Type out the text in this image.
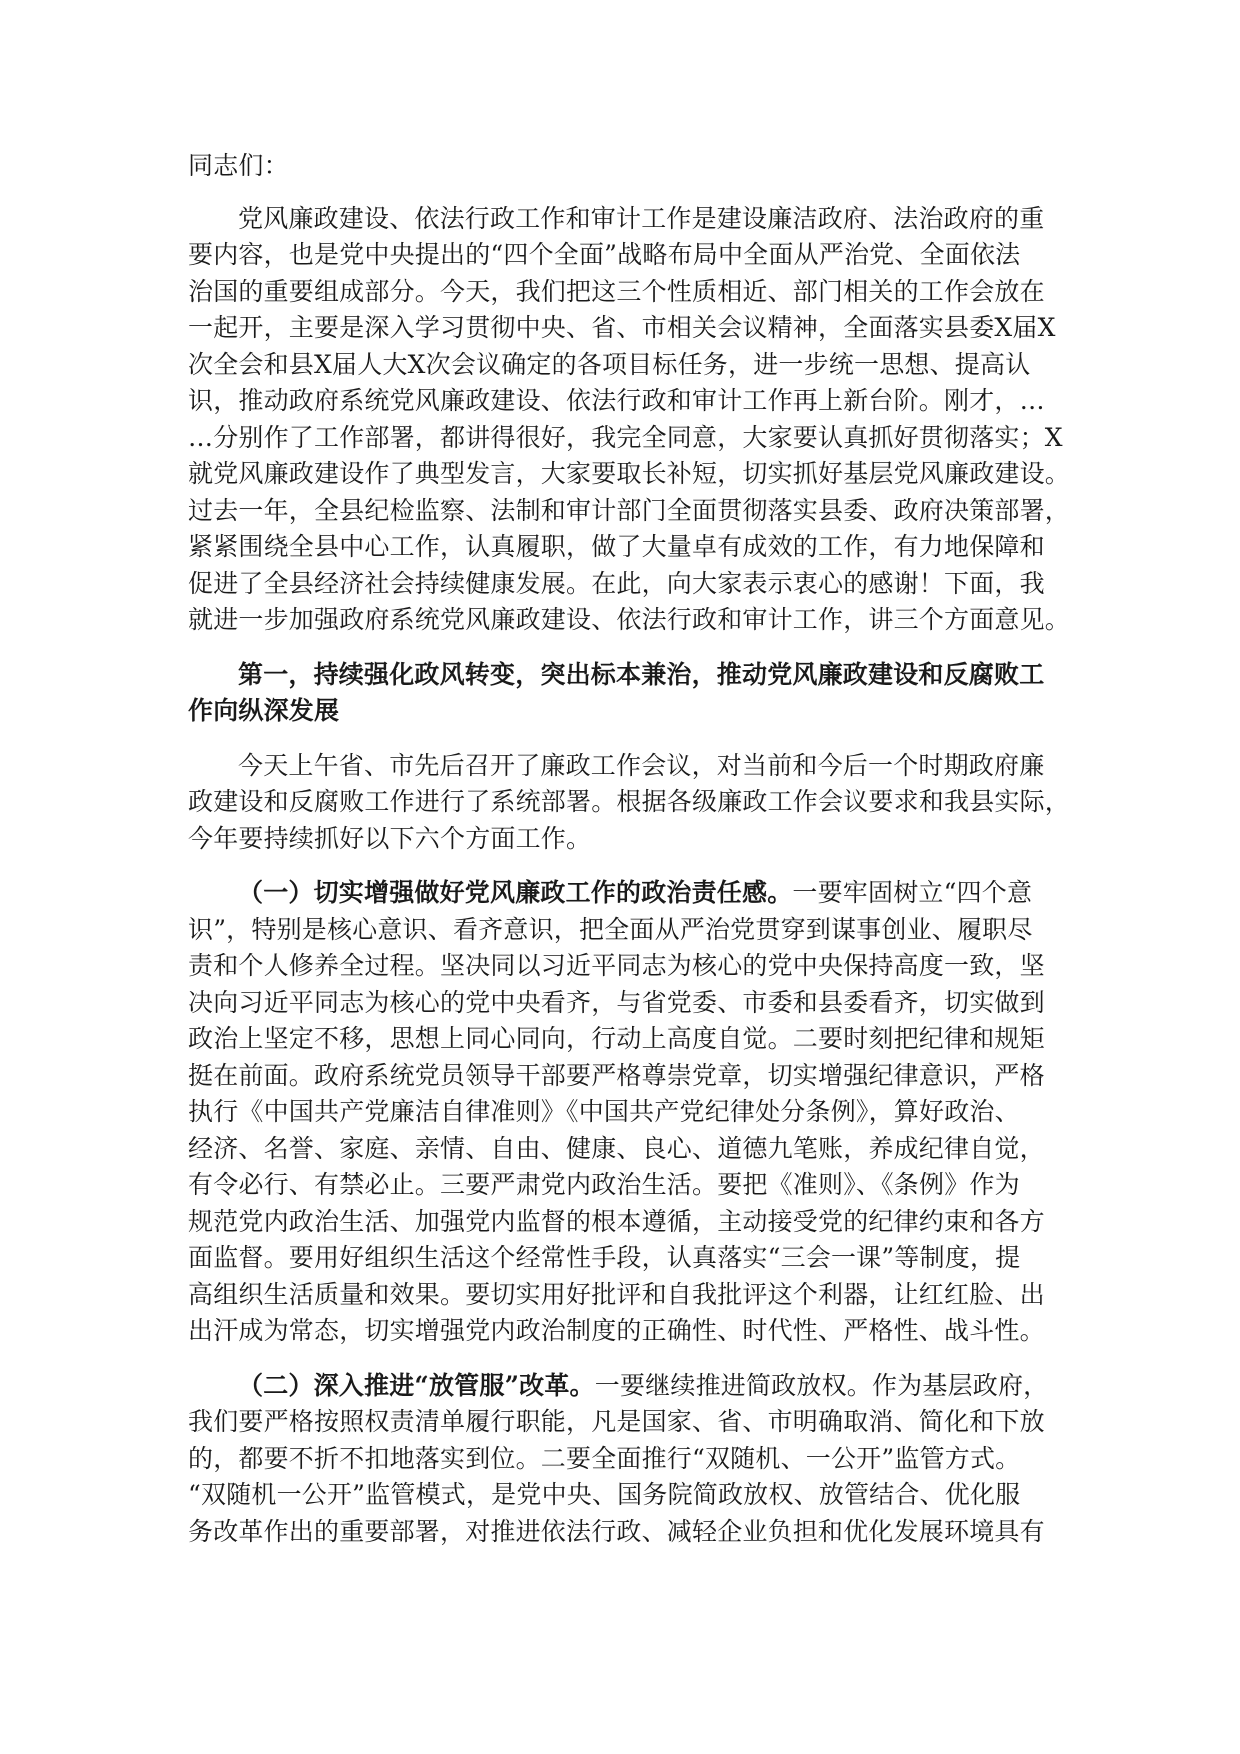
同志们：
党风廉政建设、依法行政工作和审计工作是建设廉洁政府、法治政府的重
要内容，也是党中央提出的“四个全面”战略布局中全面从严治党、全面依法
治国的重要组成部分。今天，我们把这三个性质相近、部门相关的工作会放在
一起开，主要是深入学习贯彻中央、省、市相关会议精神，全面落实县委X届X
次全会和县X届人大X次会议确定的各项目标任务，进一步统一思想、提高认
识，推动政府系统党风廉政建设、依法行政和审计工作再上新台阶。刚才，…
…分别作了工作部署，都讲得很好，我完全同意，大家要认真抓好贯彻落实；X
就党风廉政建设作了典型发言，大家要取长补短，切实抓好基层党风廉政建设。
过去一年，全县纪检监察、法制和审计部门全面贯彻落实县委、政府决策部署，
紧紧围绕全县中心工作，认真履职，做了大量卓有成效的工作，有力地保障和
促进了全县经济社会持续健康发展。在此，向大家表示衷心的感谢！下面，我
就进一步加强政府系统党风廉政建设、依法行政和审计工作，讲三个方面意见。
第一，持续强化政风转变，突出标本兼治，推动党风廉政建设和反腐败工
作向纵深发展
今天上午省、市先后召开了廉政工作会议，对当前和今后一个时期政府廉
政建设和反腐败工作进行了系统部署。根据各级廉政工作会议要求和我县实际，
今年要持续抓好以下六个方面工作。
（一）切实增强做好党风廉政工作的政治责任感。一要牢固树立“四个意
识”，特别是核心意识、看齐意识，把全面从严治党贯穿到谋事创业、履职尽
责和个人修养全过程。坚决同以习近平同志为核心的党中央保持高度一致，坚
决向习近平同志为核心的党中央看齐，与省党委、市委和县委看齐，切实做到
政治上坚定不移，思想上同心同向，行动上高度自觉。二要时刻把纪律和规矩
挺在前面。政府系统党员领导干部要严格尊崇党章，切实增强纪律意识，严格
执行《中国共产党廉洁自律准则》《中国共产党纪律处分条例》，算好政治、
经济、名誉、家庭、亲情、自由、健康、良心、道德九笔账，养成纪律自觉，
有令必行、有禁必止。三要严肃党内政治生活。要把《准则》、《条例》作为
规范党内政治生活、加强党内监督的根本遵循，主动接受党的纪律约束和各方
面监督。要用好组织生活这个经常性手段，认真落实“三会一课”等制度，提
高组织生活质量和效果。要切实用好批评和自我批评这个利器，让红红脸、出
出汗成为常态，切实增强党内政治制度的正确性、时代性、严格性、战斗性。
（二）深入推进“放管服”改革。一要继续推进简政放权。作为基层政府，
我们要严格按照权责清单履行职能，凡是国家、省、市明确取消、简化和下放
的，都要不折不扣地落实到位。二要全面推行“双随机、一公开”监管方式。
“双随机一公开”监管模式，是党中央、国务院简政放权、放管结合、优化服
务改革作出的重要部署，对推进依法行政、减轻企业负担和优化发展环境具有
